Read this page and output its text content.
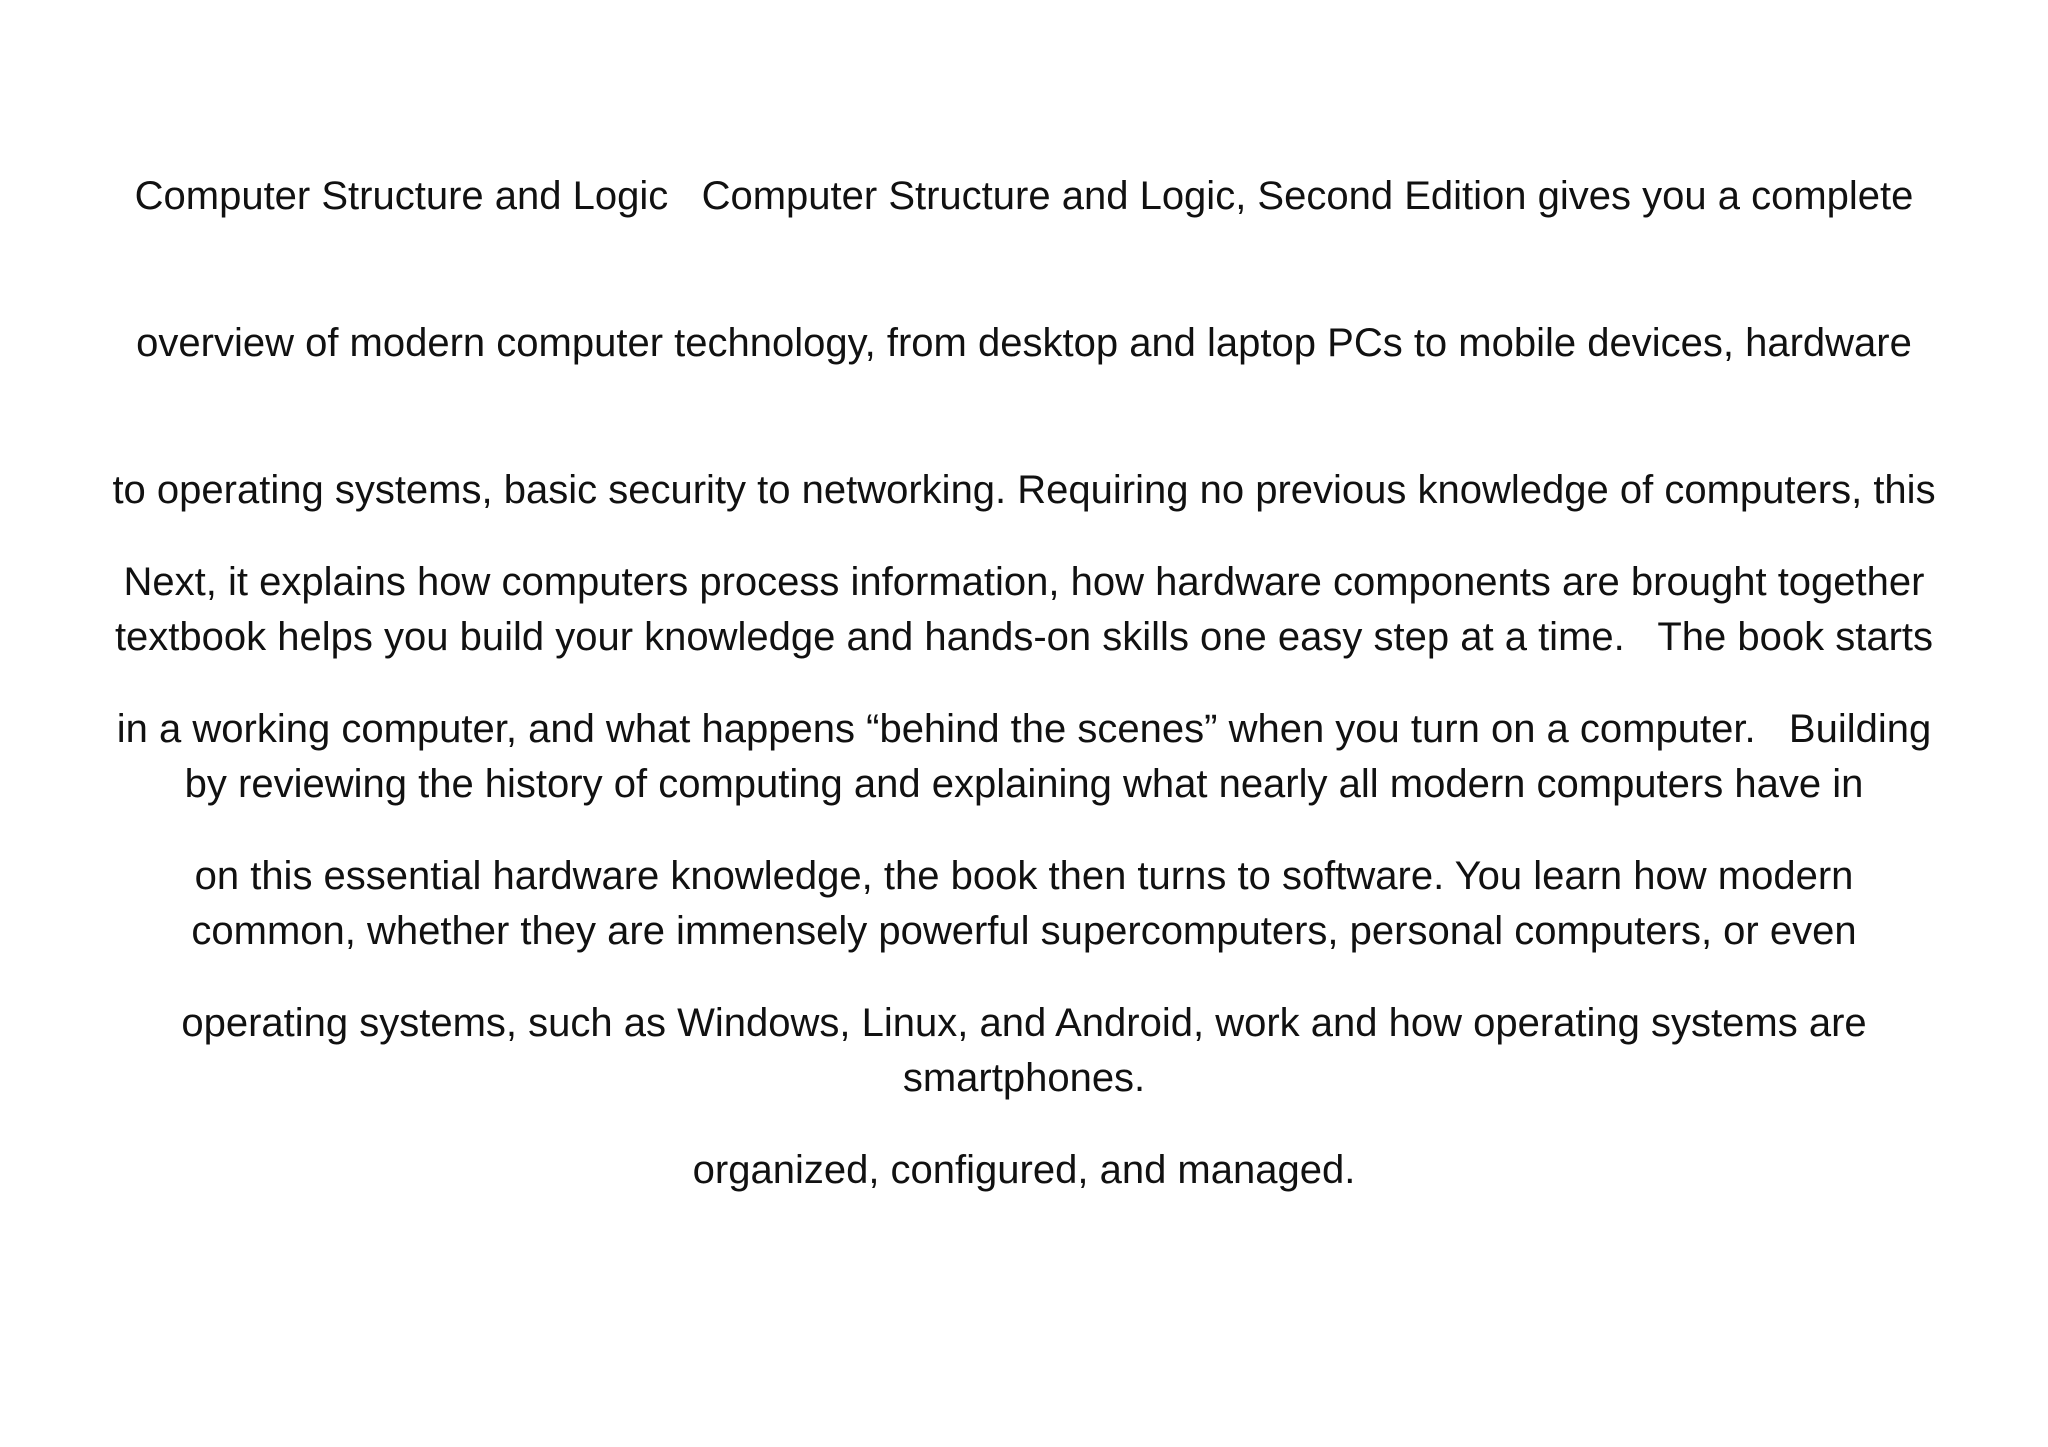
Computer Structure and Logic   Computer Structure and Logic, Second Edition gives you a complete

overview of modern computer technology, from desktop and laptop PCs to mobile devices, hardware

to operating systems, basic security to networking. Requiring no previous knowledge of computers, this

textbook helps you build your knowledge and hands-on skills one easy step at a time.   The book starts

by reviewing the history of computing and explaining what nearly all modern computers have in

common, whether they are immensely powerful supercomputers, personal computers, or even

smartphones.

Next, it explains how computers process information, how hardware components are brought together

in a working computer, and what happens “behind the scenes” when you turn on a computer.   Building

on this essential hardware knowledge, the book then turns to software. You learn how modern

operating systems, such as Windows, Linux, and Android, work and how operating systems are

organized, configured, and managed.
